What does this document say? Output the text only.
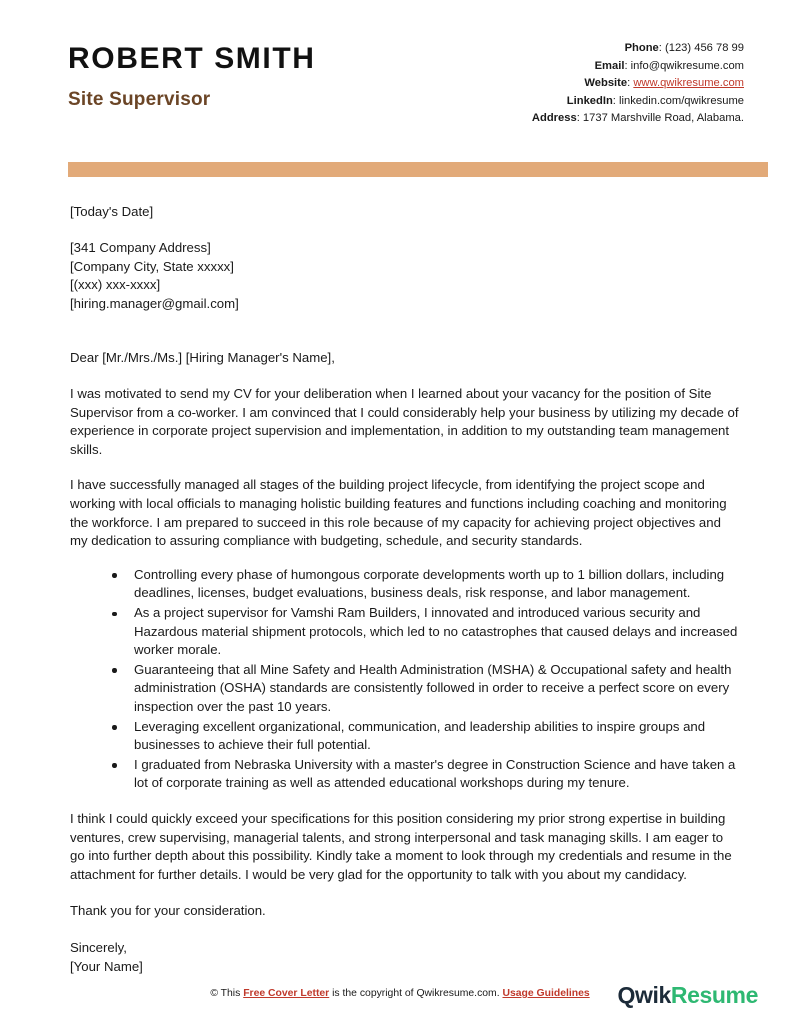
ROBERT SMITH
Site Supervisor
Phone: (123) 456 78 99
Email: info@qwikresume.com
Website: www.qwikresume.com
LinkedIn: linkedin.com/qwikresume
Address: 1737 Marshville Road, Alabama.
[Today's Date]
[341 Company Address]
[Company City, State xxxxx]
[(xxx) xxx-xxxx]
[hiring.manager@gmail.com]
Dear [Mr./Mrs./Ms.] [Hiring Manager's Name],
I was motivated to send my CV for your deliberation when I learned about your vacancy for the position of Site Supervisor from a co-worker. I am convinced that I could considerably help your business by utilizing my decade of experience in corporate project supervision and implementation, in addition to my outstanding team management skills.
I have successfully managed all stages of the building project lifecycle, from identifying the project scope and working with local officials to managing holistic building features and functions including coaching and monitoring the workforce. I am prepared to succeed in this role because of my capacity for achieving project objectives and my dedication to assuring compliance with budgeting, schedule, and security standards.
Controlling every phase of humongous corporate developments worth up to 1 billion dollars, including deadlines, licenses, budget evaluations, business deals, risk response, and labor management.
As a project supervisor for Vamshi Ram Builders, I innovated and introduced various security and Hazardous material shipment protocols, which led to no catastrophes that caused delays and increased worker morale.
Guaranteeing that all Mine Safety and Health Administration (MSHA) & Occupational safety and health administration (OSHA) standards are consistently followed in order to receive a perfect score on every inspection over the past 10 years.
Leveraging excellent organizational, communication, and leadership abilities to inspire groups and businesses to achieve their full potential.
I graduated from Nebraska University with a master's degree in Construction Science and have taken a lot of corporate training as well as attended educational workshops during my tenure.
I think I could quickly exceed your specifications for this position considering my prior strong expertise in building ventures, crew supervising, managerial talents, and strong interpersonal and task managing skills. I am eager to go into further depth about this possibility. Kindly take a moment to look through my credentials and resume in the attachment for further details. I would be very glad for the opportunity to talk with you about my candidacy.
Thank you for your consideration.
Sincerely,
[Your Name]
© This Free Cover Letter is the copyright of Qwikresume.com. Usage Guidelines QwikResume
